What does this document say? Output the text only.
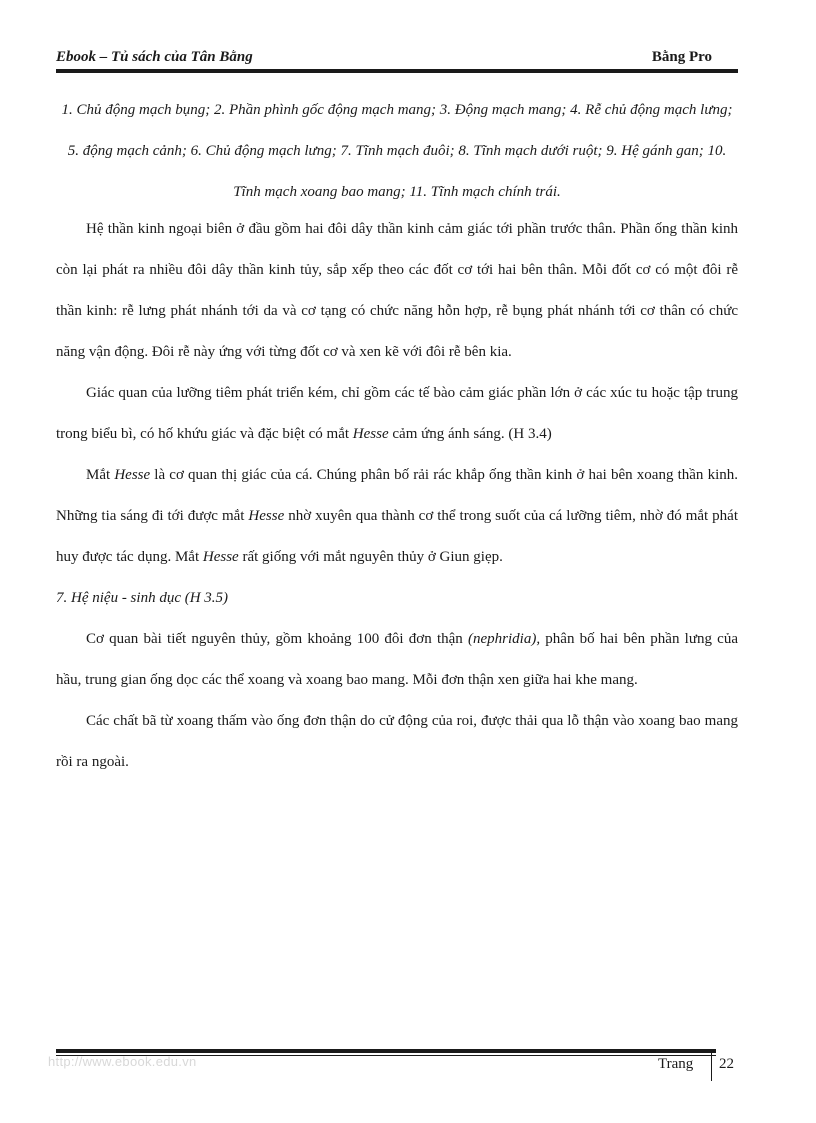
Ebook – Tủ sách của Tân Bằng	Bằng Pro
1. Chủ động mạch bụng; 2. Phần phình gốc động mạch mang; 3. Động mạch mang; 4. Rễ chủ động mạch lưng; 5. động mạch cảnh; 6. Chủ động mạch lưng; 7. Tĩnh mạch đuôi; 8. Tĩnh mạch dưới ruột; 9. Hệ gánh gan; 10. Tĩnh mạch xoang bao mang; 11. Tĩnh mạch chính trái.

Hệ thần kinh ngoại biên ở đầu gồm hai đôi dây thần kinh cảm giác tới phần trước thân. Phần ống thần kinh còn lại phát ra nhiều đôi dây thần kinh tủy, sắp xếp theo các đốt cơ tới hai bên thân. Mỗi đốt cơ có một đôi rễ thần kinh: rễ lưng phát nhánh tới da và cơ tạng có chức năng hỗn hợp, rễ bụng phát nhánh tới cơ thân có chức năng vận động. Đôi rễ này ứng với từng đốt cơ và xen kẽ với đôi rễ bên kia.

Giác quan của lưỡng tiêm phát triển kém, chỉ gồm các tế bào cảm giác phần lớn ở các xúc tu hoặc tập trung trong biểu bì, có hố khứu giác và đặc biệt có mắt Hesse cảm ứng ánh sáng. (H 3.4)

Mắt Hesse là cơ quan thị giác của cá. Chúng phân bố rải rác khắp ống thần kinh ở hai bên xoang thần kinh. Những tia sáng đi tới được mắt Hesse nhờ xuyên qua thành cơ thể trong suốt của cá lưỡng tiêm, nhờ đó mắt phát huy được tác dụng. Mắt Hesse rất giống với mắt nguyên thủy ở Giun giẹp.

7. Hệ niệu - sinh dục (H 3.5)

Cơ quan bài tiết nguyên thủy, gồm khoảng 100 đôi đơn thận (nephridia), phân bố hai bên phần lưng của hầu, trung gian ống dọc các thể xoang và xoang bao mang. Mỗi đơn thận xen giữa hai khe mang.

Các chất bã từ xoang thấm vào ống đơn thận do cử động của roi, được thải qua lỗ thận vào xoang bao mang rồi ra ngoài.

http://www.ebook.edu.vn	Trang 22
